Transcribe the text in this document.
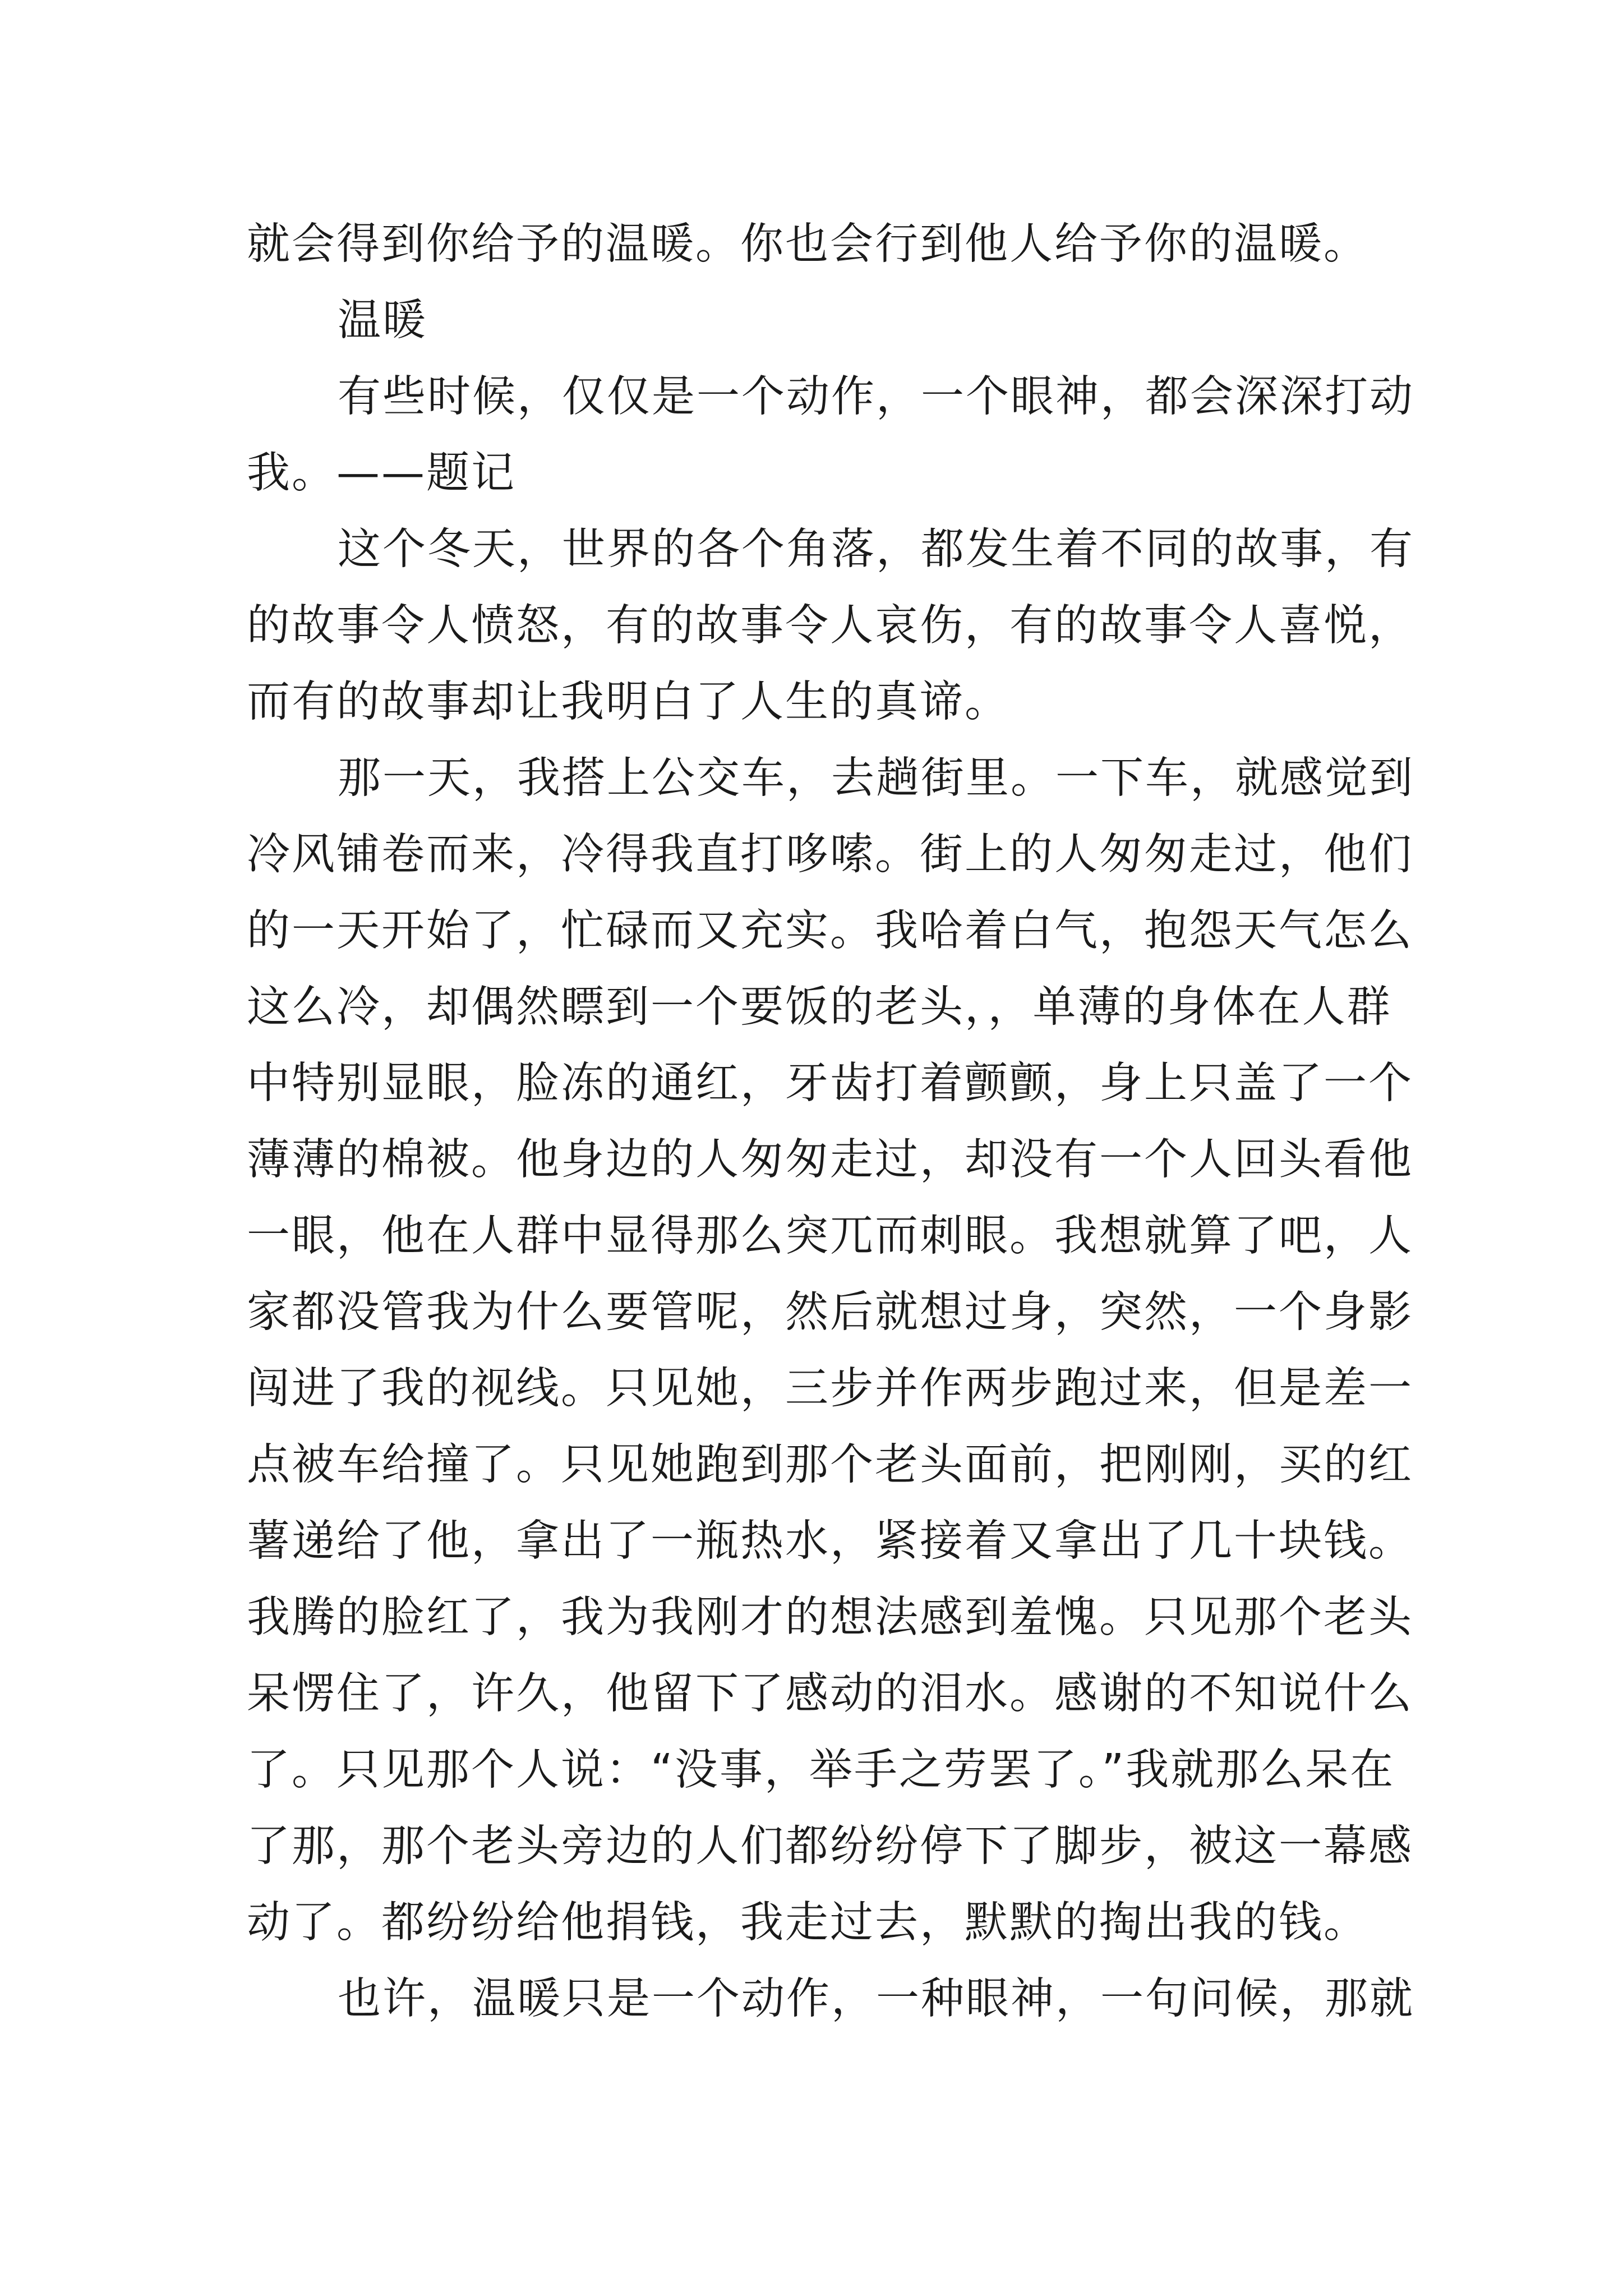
就会得到你给予的温暖。你也会行到他人给予你的温暖。
温暖
有些时候，仅仅是一个动作，一个眼神，都会深深打动
我。——题记
这个冬天，世界的各个角落，都发生着不同的故事，有
的故事令人愤怒，有的故事令人哀伤，有的故事令人喜悦，
而有的故事却让我明白了人生的真谛。
那一天，我搭上公交车，去趟街里。一下车，就感觉到
冷风铺卷而来，冷得我直打哆嗦。街上的人匆匆走过，他们
的一天开始了，忙碌而又充实。我哈着白气，抱怨天气怎么
这么冷，却偶然瞟到一个要饭的老头，，单薄的身体在人群
中特别显眼，脸冻的通红，牙齿打着颤颤，身上只盖了一个
薄薄的棉被。他身边的人匆匆走过，却没有一个人回头看他
一眼，他在人群中显得那么突兀而刺眼。我想就算了吧，人
家都没管我为什么要管呢，然后就想过身，突然，一个身影
闯进了我的视线。只见她，三步并作两步跑过来，但是差一
点被车给撞了。只见她跑到那个老头面前，把刚刚，买的红
薯递给了他，拿出了一瓶热水，紧接着又拿出了几十块钱。
我腾的脸红了，我为我刚才的想法感到羞愧。只见那个老头
呆愣住了，许久，他留下了感动的泪水。感谢的不知说什么
了。只见那个人说：“没事，举手之劳罢了。”我就那么呆在
了那，那个老头旁边的人们都纷纷停下了脚步，被这一幕感
动了。都纷纷给他捐钱，我走过去，默默的掏出我的钱。
也许，温暖只是一个动作，一种眼神，一句问候，那就
